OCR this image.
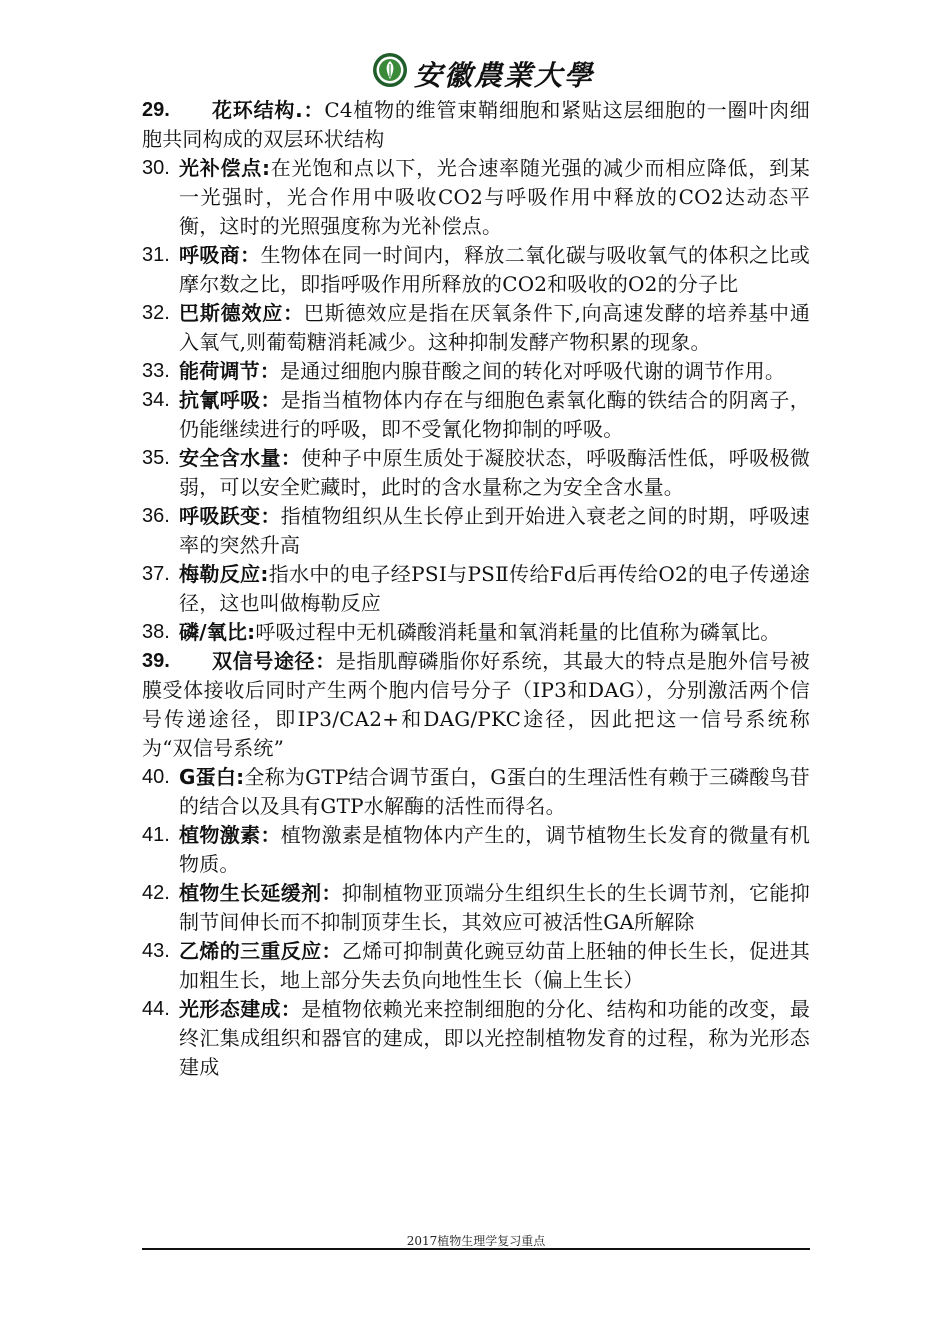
安徽農業大學
29.	花环结构.：C4植物的维管束鞘细胞和紧贴这层细胞的一圈叶肉细胞共同构成的双层环状结构
30. 光补偿点:在光饱和点以下，光合速率随光强的减少而相应降低，到某一光强时，光合作用中吸收CO2与呼吸作用中释放的CO2达动态平衡，这时的光照强度称为光补偿点。
31. 呼吸商：生物体在同一时间内，释放二氧化碳与吸收氧气的体积之比或摩尔数之比，即指呼吸作用所释放的CO2和吸收的O2的分子比
32. 巴斯德效应：巴斯德效应是指在厌氧条件下,向高速发酵的培养基中通入氧气,则葡萄糖消耗减少。这种抑制发酵产物积累的现象。
33. 能荷调节：是通过细胞内腺苷酸之间的转化对呼吸代谢的调节作用。
34. 抗氰呼吸：是指当植物体内存在与细胞色素氧化酶的铁结合的阴离子，仍能继续进行的呼吸，即不受氰化物抑制的呼吸。
35. 安全含水量：使种子中原生质处于凝胶状态，呼吸酶活性低，呼吸极微弱，可以安全贮藏时，此时的含水量称之为安全含水量。
36. 呼吸跃变：指植物组织从生长停止到开始进入衰老之间的时期，呼吸速率的突然升高
37. 梅勒反应:指水中的电子经PSⅠ与PSⅡ传给Fd后再传给O2的电子传递途径，这也叫做梅勒反应
38. 磷/氧比:呼吸过程中无机磷酸消耗量和氧消耗量的比值称为磷氧比。
39.	双信号途径：是指肌醇磷脂你好系统，其最大的特点是胞外信号被膜受体接收后同时产生两个胞内信号分子（IP3和DAG），分别激活两个信号传递途径，即IP3/CA2+和DAG/PKC途径，因此把这一信号系统称为“双信号系统”
40. G蛋白:全称为GTP结合调节蛋白，G蛋白的生理活性有赖于三磷酸鸟苷的结合以及具有GTP水解酶的活性而得名。
41. 植物激素：植物激素是植物体内产生的，调节植物生长发育的微量有机物质。
42. 植物生长延缓剂：抑制植物亚顶端分生组织生长的生长调节剂，它能抑制节间伸长而不抑制顶芽生长，其效应可被活性GA所解除
43. 乙烯的三重反应：乙烯可抑制黄化豌豆幼苗上胚轴的伸长生长，促进其加粗生长，地上部分失去负向地性生长（偏上生长）
44. 光形态建成：是植物依赖光来控制细胞的分化、结构和功能的改变，最终汇集成组织和器官的建成，即以光控制植物发育的过程，称为光形态建成
2017植物生理学复习重点
